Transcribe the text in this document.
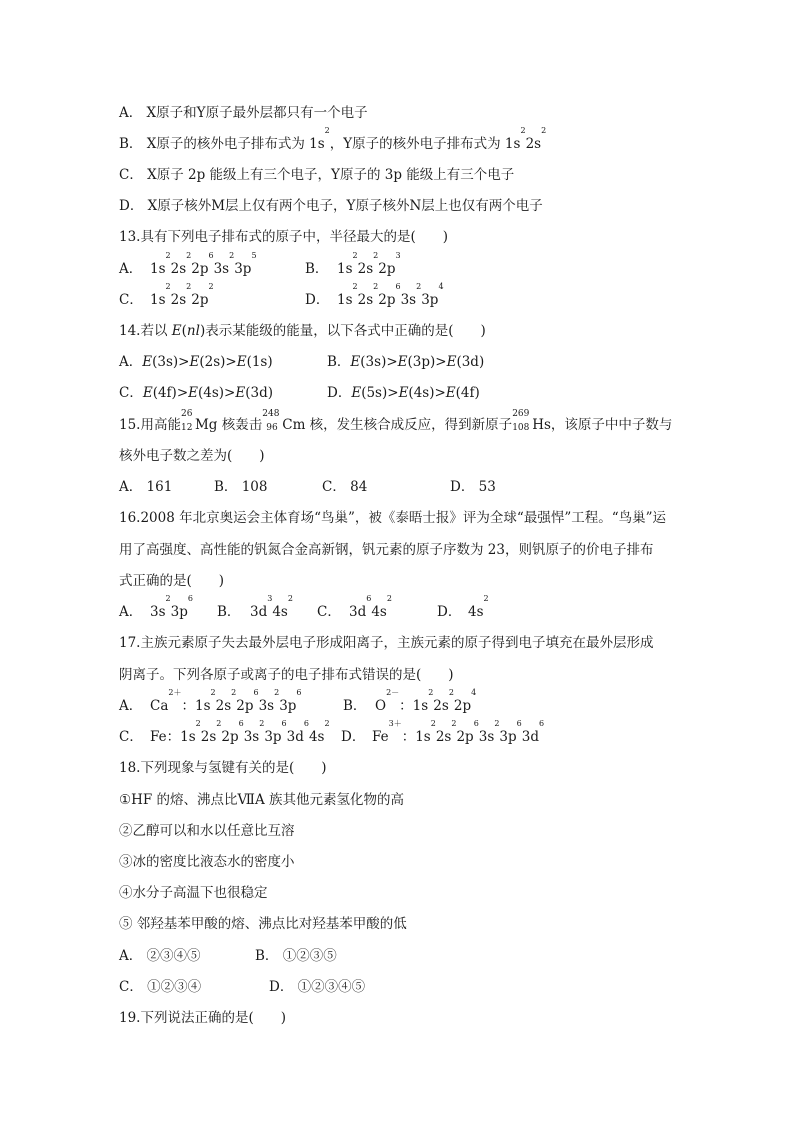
A． X原子和Y原子最外层都只有一个电子

B． X原子的核外电子排布式为 $1s^2$，Y原子的核外电子排布式为 $1s^22s^2$

C． X原子 2p 能级上有三个电子，Y原子的 3p 能级上有三个电子

D． X原子核外M层上仅有两个电子，Y原子核外N层上也仅有两个电子

13.具有下列电子排布式的原子中，半径最大的是(　　)

A． $1s^22s^22p^63s^23p^5$
B． $1s^22s^22p^3$

C． $1s^22s^22p^2$
D． $1s^22s^22p^63s^23p^4$

14.若以 E(nl)表示某能级的能量，以下各式中正确的是(　　)

A．E(3s)>E(2s)>E(1s)	B．E(3s)>E(3p)>E(3d)

C．E(4f)>E(4s)>E(3d)	D．E(5s)>E(4s)>E(4f)

15.用高能
26
12 Mg 核轰击
248
96 Cm 核，发生核合成反应，得到新原子
269
108 Hs，该原子中中子数与

核外电子数之差为(　　)

A． 161	B． 108	C． 84	D． 53

16.2008 年北京奥运会主体育场“鸟巢”，被《泰晤士报》评为全球“最强悍”工程。“鸟巢”运

用了高强度、高性能的钒氮合金高新钢，钒元素的原子序数为 23，则钒原子的价电子排布

式正确的是(　　)

A． $3s^23p^6$
B． $3d^34s^2$
C． $3d^64s^2$
D． $4s^2$

17.主族元素原子失去最外层电子形成阳离子，主族元素的原子得到电子填充在最外层形成

阴离子。下列各原子或离子的电子排布式错误的是(　　)

A． $Ca^{2+}$：$1s^22s^22p^63s^23p^6$
B． $O^{2-}$：$1s^22s^22p^4$

C． Fe：$1s^22s^22p^63s^23p^63d^64s^2$
D． $Fe^{3+}$：$1s^22s^22p^63s^23p^63d^6$

18.下列现象与氢键有关的是(　　)

①HF 的熔、沸点比ⅦA 族其他元素氢化物的高

②乙醇可以和水以任意比互溶

③冰的密度比液态水的密度小

④水分子高温下也很稳定

⑤ 邻羟基苯甲酸的熔、沸点比对羟基苯甲酸的低

A． ②③④⑤	B． ①②③⑤

C． ①②③④	D． ①②③④⑤

19.下列说法正确的是(　　)
